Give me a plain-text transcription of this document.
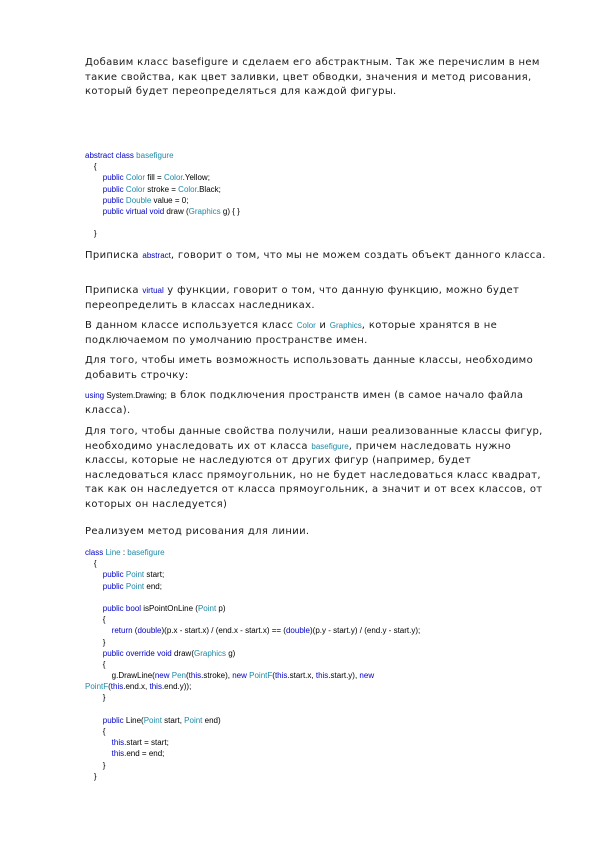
Добавим класс basefigure и сделаем его абстрактным. Так же перечислим в нем такие свойства, как цвет заливки, цвет обводки, значения и метод рисования, который будет переопределяться для каждой фигуры.

abstract class basefigure
{
public Color fill = Color.Yellow;
public Color stroke = Color.Black;
public Double value = 0;
public virtual void draw (Graphics g) { }
}

Приписка abstract, говорит о том, что мы не можем создать объект данного класса.

Приписка virtual у функции, говорит о том, что данную функцию, можно будет переопределить в классах наследниках.

В данном классе используется класс Color и Graphics, которые хранятся в не подключаемом по умолчанию пространстве имен.

Для того, чтобы иметь возможность использовать данные классы, необходимо добавить строчку:

using System.Drawing; в блок подключения пространств имен (в самое начало файла класса).

Для того, чтобы данные свойства получили, наши реализованные классы фигур, необходимо унаследовать их от класса basefigure, причем наследовать нужно классы, которые не наследуются от других фигур (например, будет наследоваться класс прямоугольник, но не будет наследоваться класс квадрат, так как он наследуется от класса прямоугольник, а значит и от всех классов, от которых он наследуется)

Реализуем метод рисования для линии.

class Line : basefigure
{
public Point start;
public Point end;
public bool isPointOnLine (Point p)
{
return (double)(p.x - start.x) / (end.x - start.x) == (double)(p.y - start.y) / (end.y - start.y);
}
public override void draw(Graphics g)
{
g.DrawLine(new Pen(this.stroke), new PointF(this.start.x, this.start.y), new
PointF(this.end.x, this.end.y));
}
public Line(Point start, Point end)
{
this.start = start;
this.end = end;
}
}
